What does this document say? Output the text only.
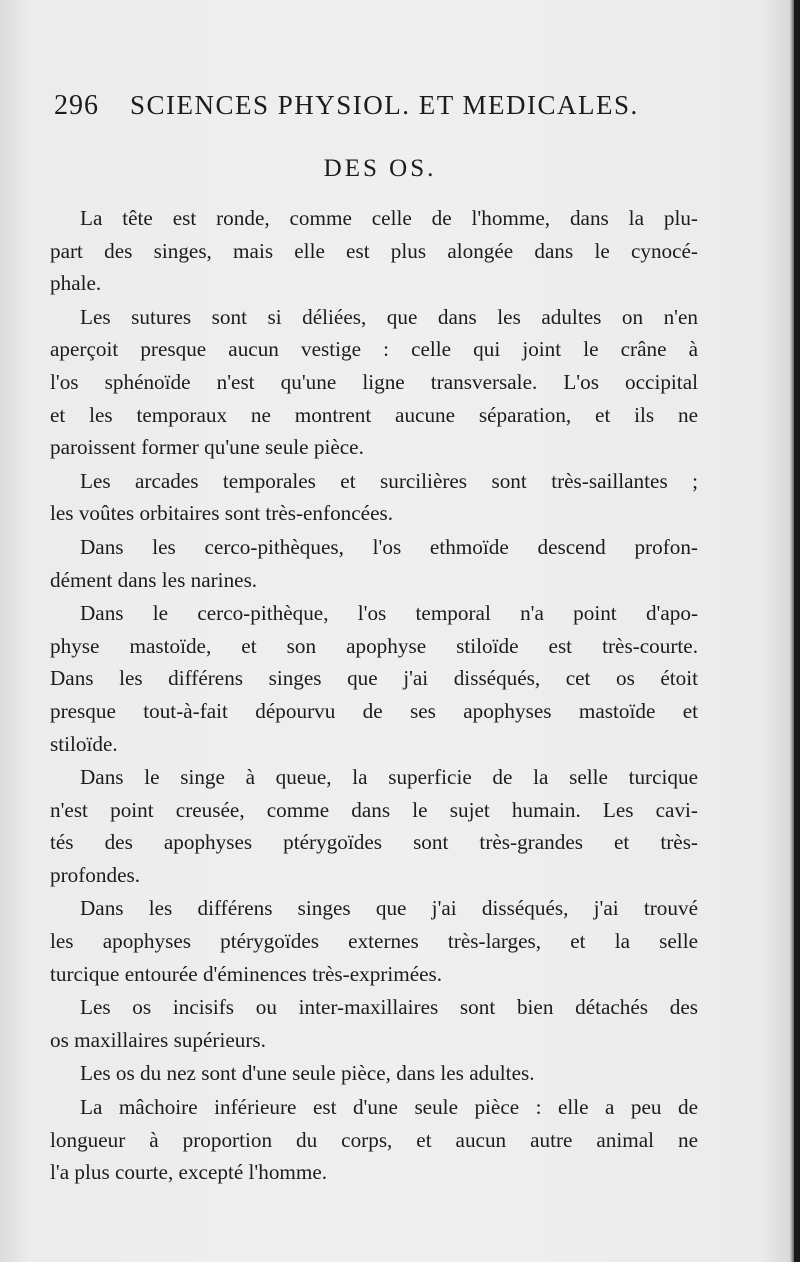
296 SCIENCES PHYSIOL. ET MEDICALES.
DES OS.
La tête est ronde, comme celle de l'homme, dans la plu-
part des singes, mais elle est plus alongée dans le cynocé-
phale.
Les sutures sont si déliées, que dans les adultes on n'en
aperçoit presque aucun vestige : celle qui joint le crâne à
l'os sphénoïde n'est qu'une ligne transversale. L'os occipital
et les temporaux ne montrent aucune séparation, et ils ne
paroissent former qu'une seule pièce.
Les arcades temporales et surcilières sont très-saillantes ;
les voûtes orbitaires sont très-enfoncées.
Dans les cerco-pithèques, l'os ethmoïde descend profon-
dément dans les narines.
Dans le cerco-pithèque, l'os temporal n'a point d'apo-
physe mastoïde, et son apophyse stiloïde est très-courte.
Dans les différens singes que j'ai disséqués, cet os étoit
presque tout-à-fait dépourvu de ses apophyses mastoïde et
stiloïde.
Dans le singe à queue, la superficie de la selle turcique
n'est point creusée, comme dans le sujet humain. Les cavi-
tés des apophyses ptérygoïdes sont très-grandes et très-
profondes.
Dans les différens singes que j'ai disséqués, j'ai trouvé
les apophyses ptérygoïdes externes très-larges, et la selle
turcique entourée d'éminences très-exprimées.
Les os incisifs ou inter-maxillaires sont bien détachés des
os maxillaires supérieurs.
Les os du nez sont d'une seule pièce, dans les adultes.
La mâchoire inférieure est d'une seule pièce : elle a peu de
longueur à proportion du corps, et aucun autre animal ne
l'a plus courte, excepté l'homme.
